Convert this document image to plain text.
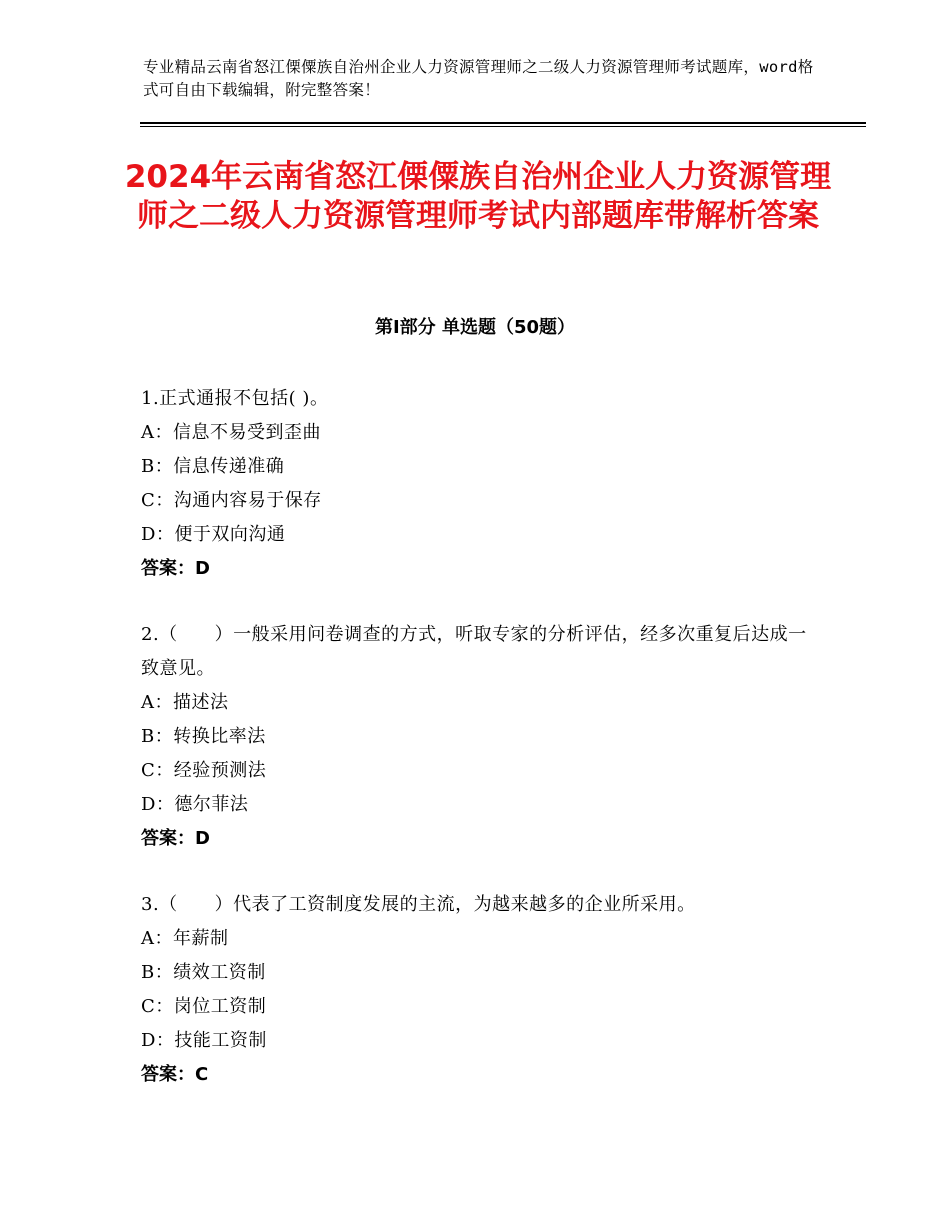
专业精品云南省怒江傈僳族自治州企业人力资源管理师之二级人力资源管理师考试题库，word格式可自由下载编辑，附完整答案！
2024年云南省怒江傈僳族自治州企业人力资源管理师之二级人力资源管理师考试内部题库带解析答案
第Ⅰ部分 单选题（50题）
1.正式通报不包括( )。
A：信息不易受到歪曲
B：信息传递准确
C：沟通内容易于保存
D：便于双向沟通
答案：D
2.（　　）一般采用问卷调查的方式，听取专家的分析评估，经多次重复后达成一致意见。
A：描述法
B：转换比率法
C：经验预测法
D：德尔菲法
答案：D
3.（　　）代表了工资制度发展的主流，为越来越多的企业所采用。
A：年薪制
B：绩效工资制
C：岗位工资制
D：技能工资制
答案：C
